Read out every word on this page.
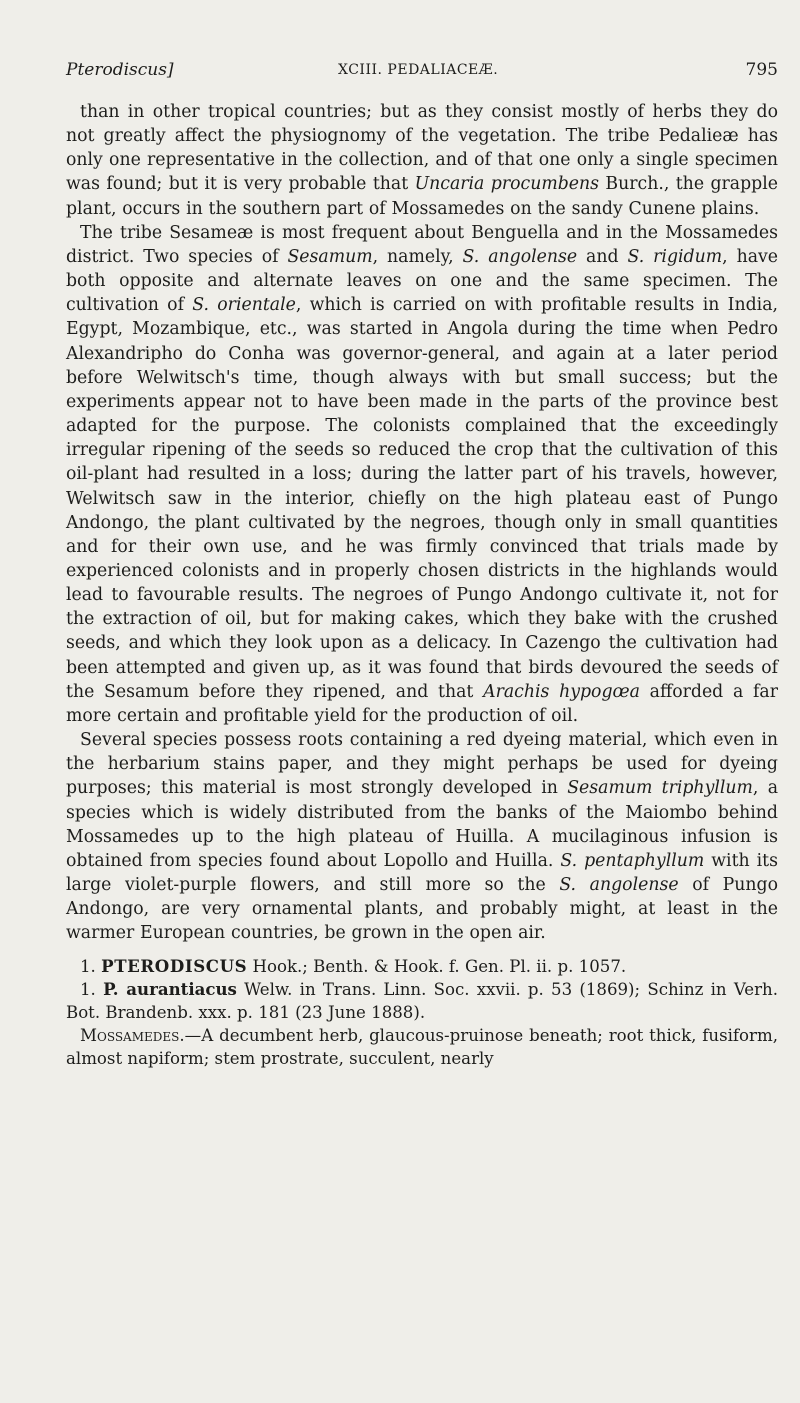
Pterodiscus]	XCIII. PEDALIACEÆ.	795

than in other tropical countries; but as they consist mostly of herbs they do not greatly affect the physiognomy of the vegetation. The tribe Pedalieæ has only one representative in the collection, and of that one only a single specimen was found; but it is very probable that Uncaria procumbens Burch., the grapple plant, occurs in the southern part of Mossamedes on the sandy Cunene plains.

The tribe Sesameæ is most frequent about Benguella and in the Mossamedes district. Two species of Sesamum, namely, S. angolense and S. rigidum, have both opposite and alternate leaves on one and the same specimen. The cultivation of S. orientale, which is carried on with profitable results in India, Egypt, Mozambique, etc., was started in Angola during the time when Pedro Alexandripho do Conha was governor-general, and again at a later period before Welwitsch's time, though always with but small success; but the experiments appear not to have been made in the parts of the province best adapted for the purpose. The colonists complained that the exceedingly irregular ripening of the seeds so reduced the crop that the cultivation of this oil-plant had resulted in a loss; during the latter part of his travels, however, Welwitsch saw in the interior, chiefly on the high plateau east of Pungo Andongo, the plant cultivated by the negroes, though only in small quantities and for their own use, and he was firmly convinced that trials made by experienced colonists and in properly chosen districts in the highlands would lead to favourable results. The negroes of Pungo Andongo cultivate it, not for the extraction of oil, but for making cakes, which they bake with the crushed seeds, and which they look upon as a delicacy. In Cazengo the cultivation had been attempted and given up, as it was found that birds devoured the seeds of the Sesamum before they ripened, and that Arachis hypogœa afforded a far more certain and profitable yield for the production of oil.

Several species possess roots containing a red dyeing material, which even in the herbarium stains paper, and they might perhaps be used for dyeing purposes; this material is most strongly developed in Sesamum triphyllum, a species which is widely distributed from the banks of the Maiombo behind Mossamedes up to the high plateau of Huilla. A mucilaginous infusion is obtained from species found about Lopollo and Huilla. S. pentaphyllum with its large violet-purple flowers, and still more so the S. angolense of Pungo Andongo, are very ornamental plants, and probably might, at least in the warmer European countries, be grown in the open air.

1. PTERODISCUS Hook.; Benth. & Hook. f. Gen. Pl. ii. p. 1057.

1. P. aurantiacus Welw. in Trans. Linn. Soc. xxvii. p. 53 (1869); Schinz in Verh. Bot. Brandenb. xxx. p. 181 (23 June 1888).

Mossamedes.—A decumbent herb, glaucous-pruinose beneath; root thick, fusiform, almost napiform; stem prostrate, succulent, nearly
